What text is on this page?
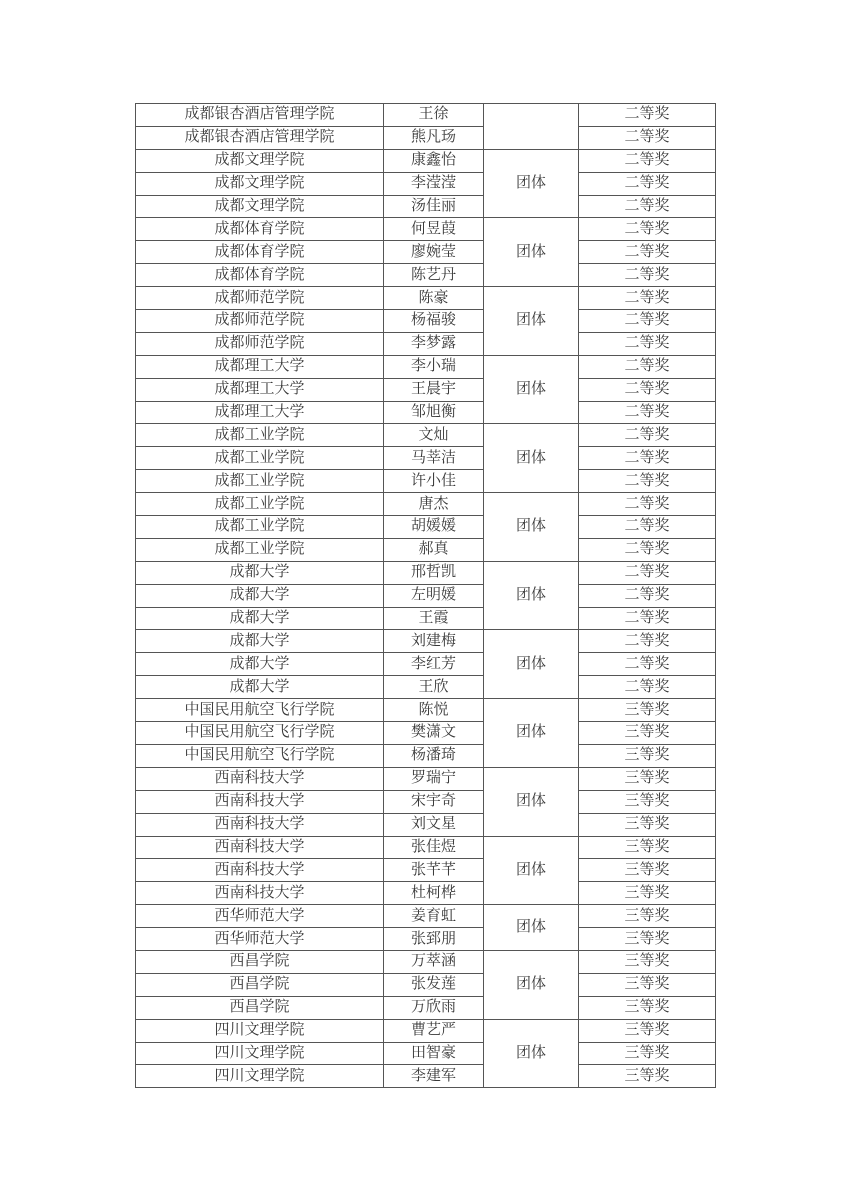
成都银杏酒店管理学院	王徐		二等奖
成都银杏酒店管理学院	熊凡玚		二等奖
成都文理学院	康鑫怡	团体	二等奖
成都文理学院	李滢滢		二等奖
成都文理学院	汤佳丽		二等奖
成都体育学院	何昱葭	团体	二等奖
成都体育学院	廖婉莹		二等奖
成都体育学院	陈艺丹		二等奖
成都师范学院	陈豪	团体	二等奖
成都师范学院	杨福骏		二等奖
成都师范学院	李梦露		二等奖
成都理工大学	李小瑞	团体	二等奖
成都理工大学	王晨宇		二等奖
成都理工大学	邹旭衡		二等奖
成都工业学院	文灿	团体	二等奖
成都工业学院	马莘洁		二等奖
成都工业学院	许小佳		二等奖
成都工业学院	唐杰	团体	二等奖
成都工业学院	胡媛媛		二等奖
成都工业学院	郝真		二等奖
成都大学	邢哲凯	团体	二等奖
成都大学	左明媛		二等奖
成都大学	王霞		二等奖
成都大学	刘建梅	团体	二等奖
成都大学	李红芳		二等奖
成都大学	王欣		二等奖
中国民用航空飞行学院	陈悦	团体	三等奖
中国民用航空飞行学院	樊潇文		三等奖
中国民用航空飞行学院	杨潘琦		三等奖
西南科技大学	罗瑞宁	团体	三等奖
西南科技大学	宋宇奇		三等奖
西南科技大学	刘文星		三等奖
西南科技大学	张佳煜	团体	三等奖
西南科技大学	张芊芊		三等奖
西南科技大学	杜柯桦		三等奖
西华师范大学	姜育虹	团体	三等奖
西华师范大学	张郅朋		三等奖
西昌学院	万萃涵	团体	三等奖
西昌学院	张发莲		三等奖
西昌学院	万欣雨		三等奖
四川文理学院	曹艺严	团体	三等奖
四川文理学院	田智豪		三等奖
四川文理学院	李建军		三等奖
